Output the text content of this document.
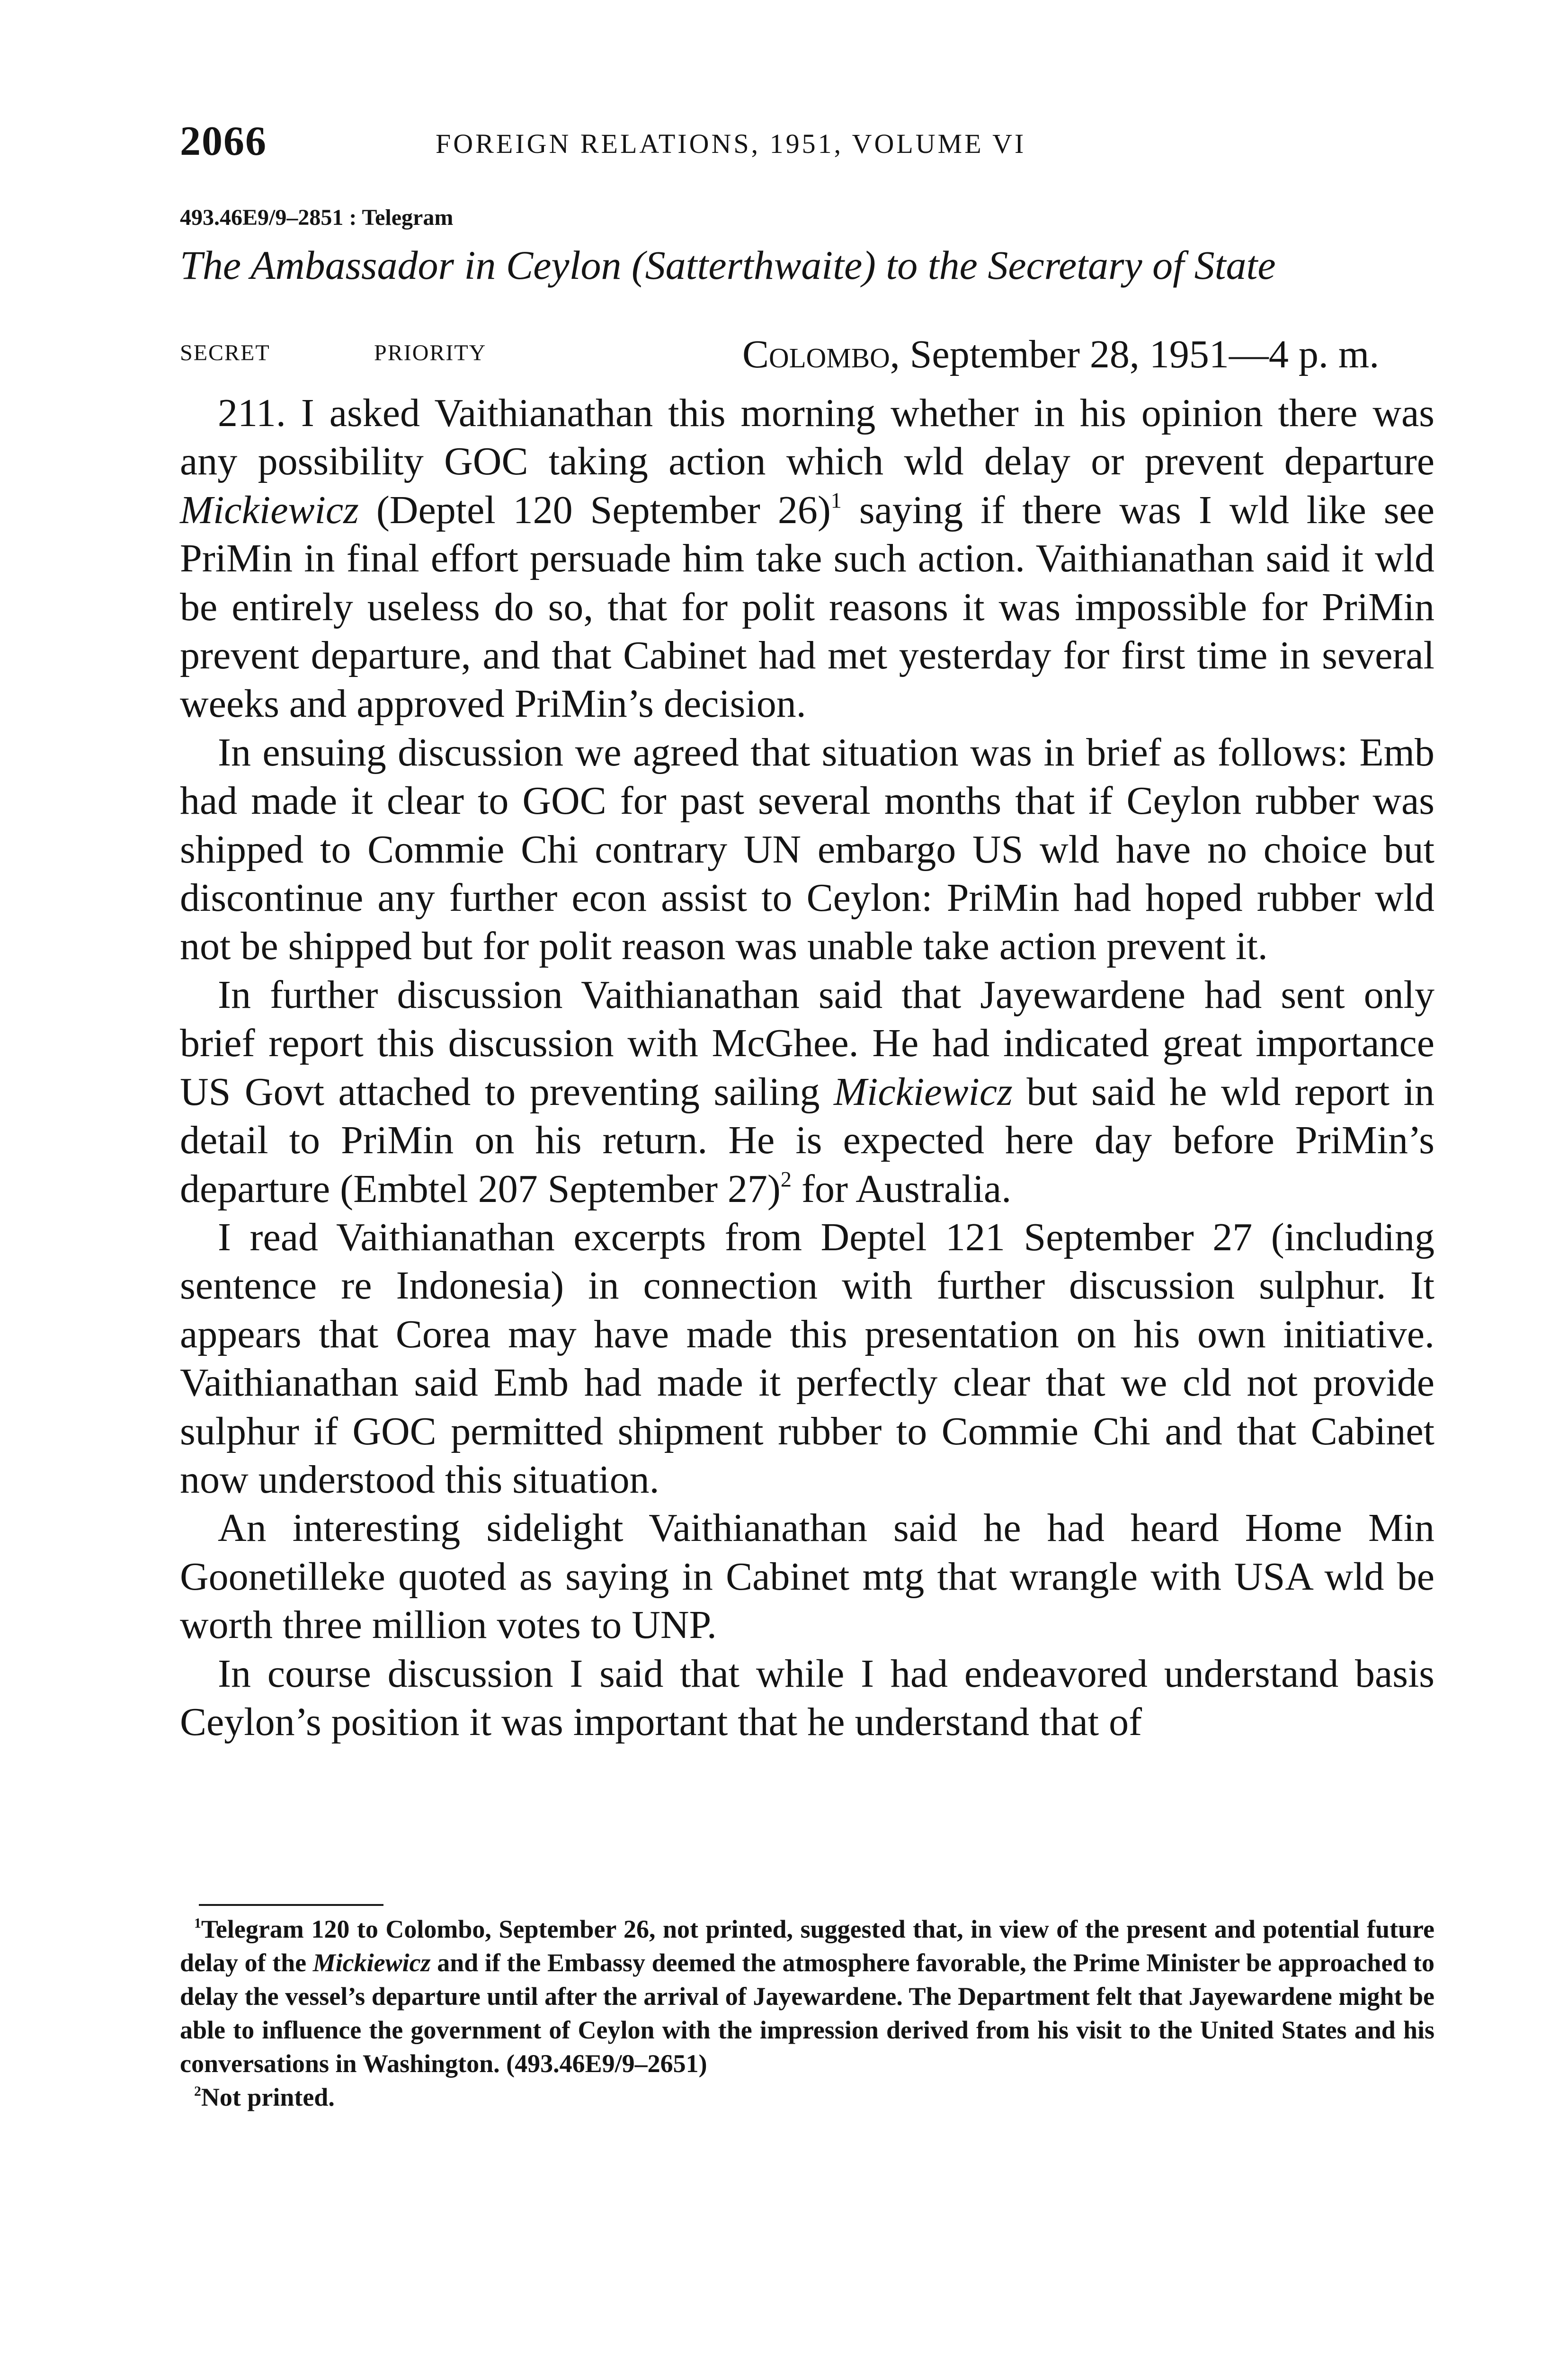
2066	FOREIGN RELATIONS, 1951, VOLUME VI
493.46E9/9–2851 : Telegram
The Ambassador in Ceylon (Satterthwaite) to the Secretary of State
SECRET	PRIORITY	Colombo, September 28, 1951—4 p. m.

211. I asked Vaithianathan this morning whether in his opinion there was any possibility GOC taking action which wld delay or prevent departure Mickiewicz (Deptel 120 September 26)$^1$ saying if there was I wld like see PriMin in final effort persuade him take such action. Vaithianathan said it wld be entirely useless do so, that for polit reasons it was impossible for PriMin prevent departure, and that Cabinet had met yesterday for first time in several weeks and approved PriMin’s decision.

In ensuing discussion we agreed that situation was in brief as follows: Emb had made it clear to GOC for past several months that if Ceylon rubber was shipped to Commie Chi contrary UN embargo US wld have no choice but discontinue any further econ assist to Ceylon: PriMin had hoped rubber wld not be shipped but for polit reason was unable take action prevent it.

In further discussion Vaithianathan said that Jayewardene had sent only brief report this discussion with McGhee. He had indicated great importance US Govt attached to preventing sailing Mickiewicz but said he wld report in detail to PriMin on his return. He is expected here day before PriMin’s departure (Embtel 207 September 27)$^2$ for Australia.

I read Vaithianathan excerpts from Deptel 121 September 27 (including sentence re Indonesia) in connection with further discussion sulphur. It appears that Corea may have made this presentation on his own initiative. Vaithianathan said Emb had made it perfectly clear that we cld not provide sulphur if GOC permitted shipment rubber to Commie Chi and that Cabinet now understood this situation.

An interesting sidelight Vaithianathan said he had heard Home Min Goonetilleke quoted as saying in Cabinet mtg that wrangle with USA wld be worth three million votes to UNP.

In course discussion I said that while I had endeavored understand basis Ceylon’s position it was important that he understand that of

$^1$Telegram 120 to Colombo, September 26, not printed, suggested that, in view of the present and potential future delay of the Mickiewicz and if the Embassy deemed the atmosphere favorable, the Prime Minister be approached to delay the vessel’s departure until after the arrival of Jayewardene. The Department felt that Jayewardene might be able to influence the government of Ceylon with the impression derived from his visit to the United States and his conversations in Washington. (493.46E9/9–2651)

$^2$Not printed.
